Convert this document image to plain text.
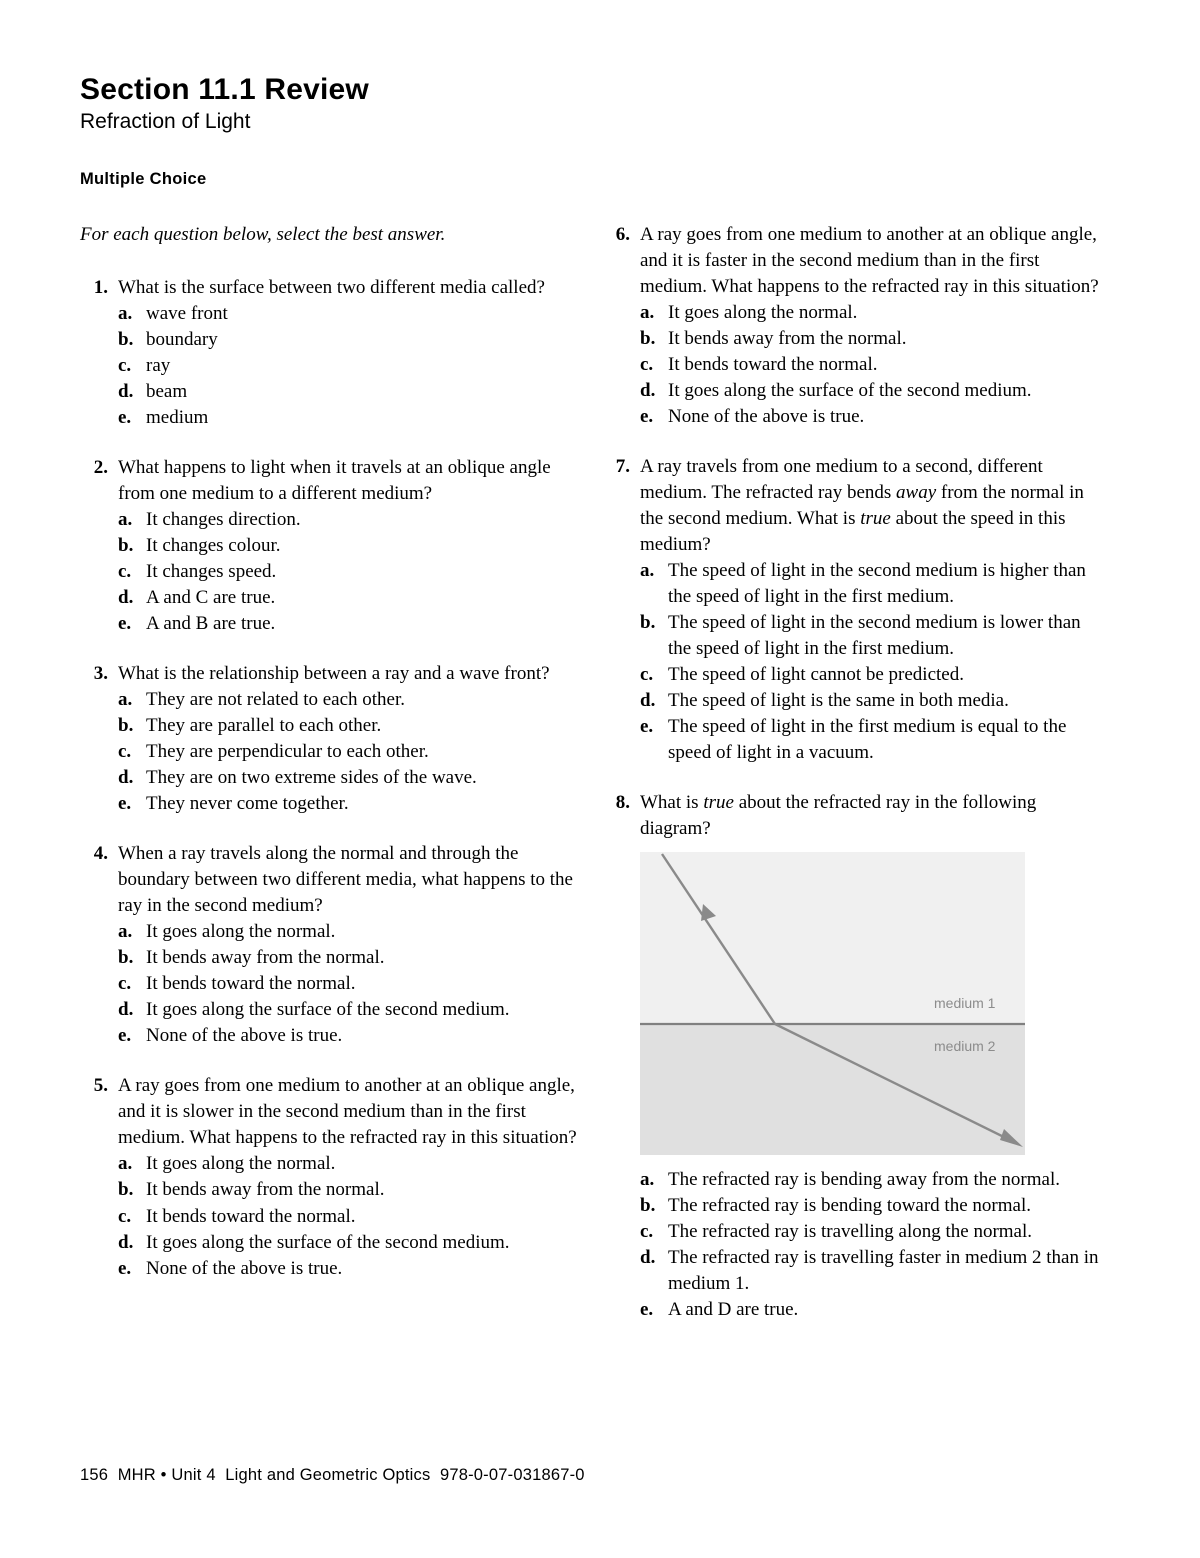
Section 11.1 Review
Refraction of Light
Multiple Choice
For each question below, select the best answer.
1. What is the surface between two different media called?
a. wave front
b. boundary
c. ray
d. beam
e. medium
2. What happens to light when it travels at an oblique angle from one medium to a different medium?
a. It changes direction.
b. It changes colour.
c. It changes speed.
d. A and C are true.
e. A and B are true.
3. What is the relationship between a ray and a wave front?
a. They are not related to each other.
b. They are parallel to each other.
c. They are perpendicular to each other.
d. They are on two extreme sides of the wave.
e. They never come together.
4. When a ray travels along the normal and through the boundary between two different media, what happens to the ray in the second medium?
a. It goes along the normal.
b. It bends away from the normal.
c. It bends toward the normal.
d. It goes along the surface of the second medium.
e. None of the above is true.
5. A ray goes from one medium to another at an oblique angle, and it is slower in the second medium than in the first medium. What happens to the refracted ray in this situation?
a. It goes along the normal.
b. It bends away from the normal.
c. It bends toward the normal.
d. It goes along the surface of the second medium.
e. None of the above is true.
6. A ray goes from one medium to another at an oblique angle, and it is faster in the second medium than in the first medium. What happens to the refracted ray in this situation?
a. It goes along the normal.
b. It bends away from the normal.
c. It bends toward the normal.
d. It goes along the surface of the second medium.
e. None of the above is true.
7. A ray travels from one medium to a second, different medium. The refracted ray bends away from the normal in the second medium. What is true about the speed in this medium?
a. The speed of light in the second medium is higher than the speed of light in the first medium.
b. The speed of light in the second medium is lower than the speed of light in the first medium.
c. The speed of light cannot be predicted.
d. The speed of light is the same in both media.
e. The speed of light in the first medium is equal to the speed of light in a vacuum.
8. What is true about the refracted ray in the following diagram?
medium 1
medium 2
a. The refracted ray is bending away from the normal.
b. The refracted ray is bending toward the normal.
c. The refracted ray is travelling along the normal.
d. The refracted ray is travelling faster in medium 2 than in medium 1.
e. A and D are true.
156  MHR • Unit 4  Light and Geometric Optics  978-0-07-031867-0
